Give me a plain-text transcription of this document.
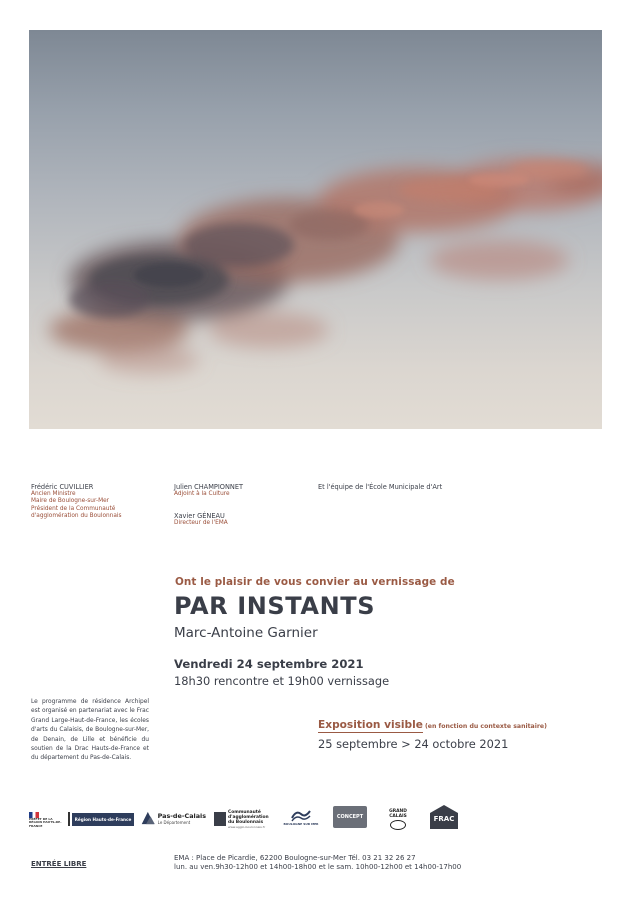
Frédéric CUVILLIER
Ancien Ministre
Maire de Boulogne-sur-Mer
Président de la Communauté
d'agglomération du Boulonnais
Julien CHAMPIONNET
Adjoint à la Culture
Xavier GÉNEAU
Directeur de l'EMA
Et l'équipe de l'École Municipale d'Art
Ont le plaisir de vous convier au vernissage de
PAR INSTANTS
Marc-Antoine Garnier
Vendredi 24 septembre 2021
18h30 rencontre et 19h00 vernissage
Le programme de résidence Archipel est organisé en partenariat avec le Frac Grand Large-Haut-de-France, les écoles d'arts du Calaisis, de Boulogne-sur-Mer, de Denain, de Lille et bénéficie du soutien de la Drac Hauts-de-France et du département du Pas-de-Calais.
Exposition visible (en fonction du contexte sanitaire)
25 septembre > 24 octobre 2021
PRÉFET DE LA RÉGION HAUTS-DE-FRANCE
Région Hauts-de-France	Pas-de-Calais
Le Département
Communauté d'agglomération du Boulonnais
www.agglo-boulonnais.fr
BOULOGNE SUR MER
CONCEPT
GRAND CALAIS	FRAC
ENTRÉE LIBRE
EMA : Place de Picardie, 62200 Boulogne-sur-Mer Tél. 03 21 32 26 27
lun. au ven.9h30-12h00 et 14h00-18h00 et le sam. 10h00-12h00 et 14h00-17h00
